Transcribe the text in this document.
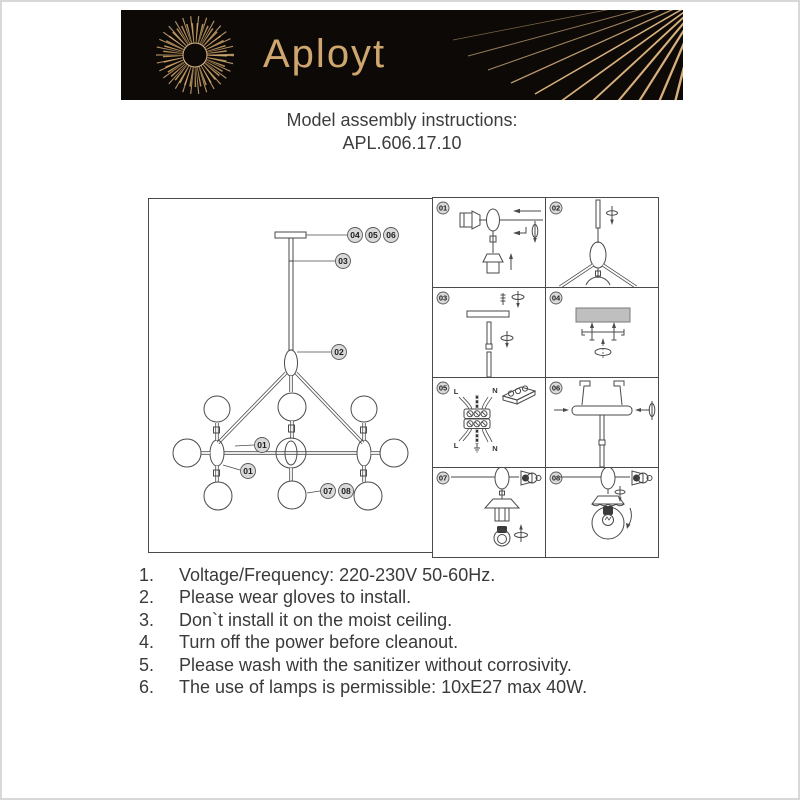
Aployt
Model assembly instructions:
APL.606.17.10
04 05 06
03
02
01
01
07 08
01	02
03	04
05 L	N
L	N
06
07	08
1.	Voltage/Frequency: 220-230V 50-60Hz.
2.	Please wear gloves to install.
3.	Don`t install it on the moist ceiling.
4.	Turn off the power before cleanout.
5.	Please wash with the sanitizer without corrosivity.
6.	The use of lamps is permissible: 10xE27 max 40W.
